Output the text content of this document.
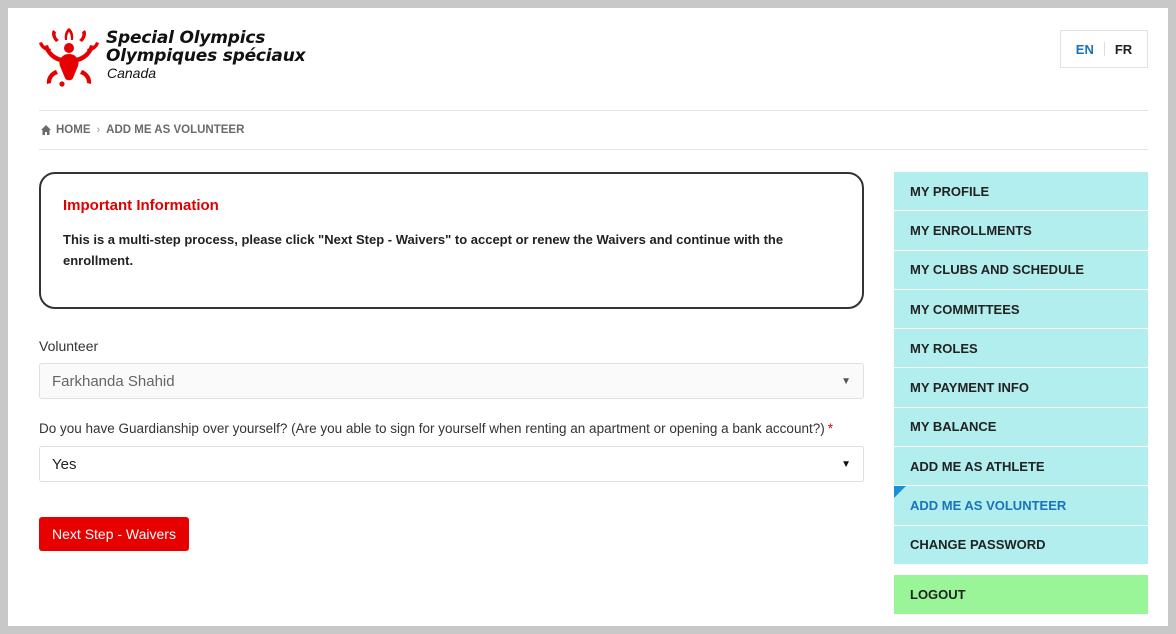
Special Olympics
Olympiques spéciaux
Canada
EN	FR
HOME › ADD ME AS VOLUNTEER
Important Information
This is a multi-step process, please click "Next Step - Waivers" to accept or renew the Waivers and continue with the enrollment.
Volunteer
Farkhanda Shahid	▼
Do you have Guardianship over yourself? (Are you able to sign for yourself when renting an apartment or opening a bank account?) *
Yes	▼
Next Step - Waivers
MY PROFILE
MY ENROLLMENTS
MY CLUBS AND SCHEDULE
MY COMMITTEES
MY ROLES
MY PAYMENT INFO
MY BALANCE
ADD ME AS ATHLETE
ADD ME AS VOLUNTEER
CHANGE PASSWORD
LOGOUT
